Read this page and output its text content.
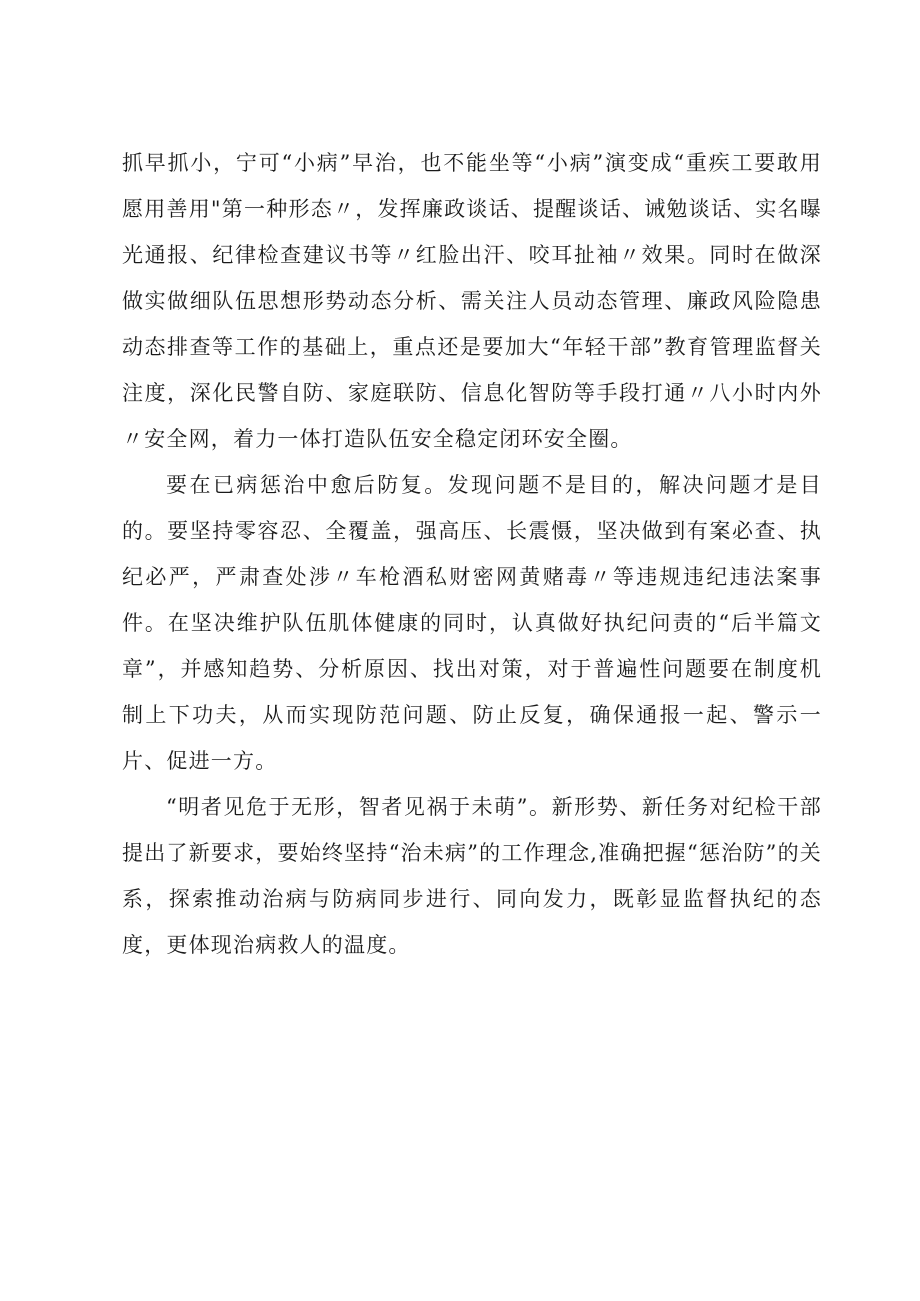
抓早抓小，宁可“小病”早治，也不能坐等“小病”演变成“重疾工要敢用愿用善用"第一种形态〃，发挥廉政谈话、提醒谈话、诫勉谈话、实名曝光通报、纪律检查建议书等〃红脸出汗、咬耳扯袖〃效果。同时在做深做实做细队伍思想形势动态分析、需关注人员动态管理、廉政风险隐患动态排查等工作的基础上，重点还是要加大“年轻干部”教育管理监督关注度，深化民警自防、家庭联防、信息化智防等手段打通〃八小时内外〃安全网，着力一体打造队伍安全稳定闭环安全圈。

要在已病惩治中愈后防复。发现问题不是目的，解决问题才是目的。要坚持零容忍、全覆盖，强高压、长震慑，坚决做到有案必查、执纪必严，严肃查处涉〃车枪酒私财密网黄赌毒〃等违规违纪违法案事件。在坚决维护队伍肌体健康的同时，认真做好执纪问责的“后半篇文章”，并感知趋势、分析原因、找出对策，对于普遍性问题要在制度机制上下功夫，从而实现防范问题、防止反复，确保通报一起、警示一片、促进一方。

“明者见危于无形，智者见祸于未萌”。新形势、新任务对纪检干部提出了新要求，要始终坚持“治未病”的工作理念,准确把握“惩治防”的关系，探索推动治病与防病同步进行、同向发力，既彰显监督执纪的态度，更体现治病救人的温度。
